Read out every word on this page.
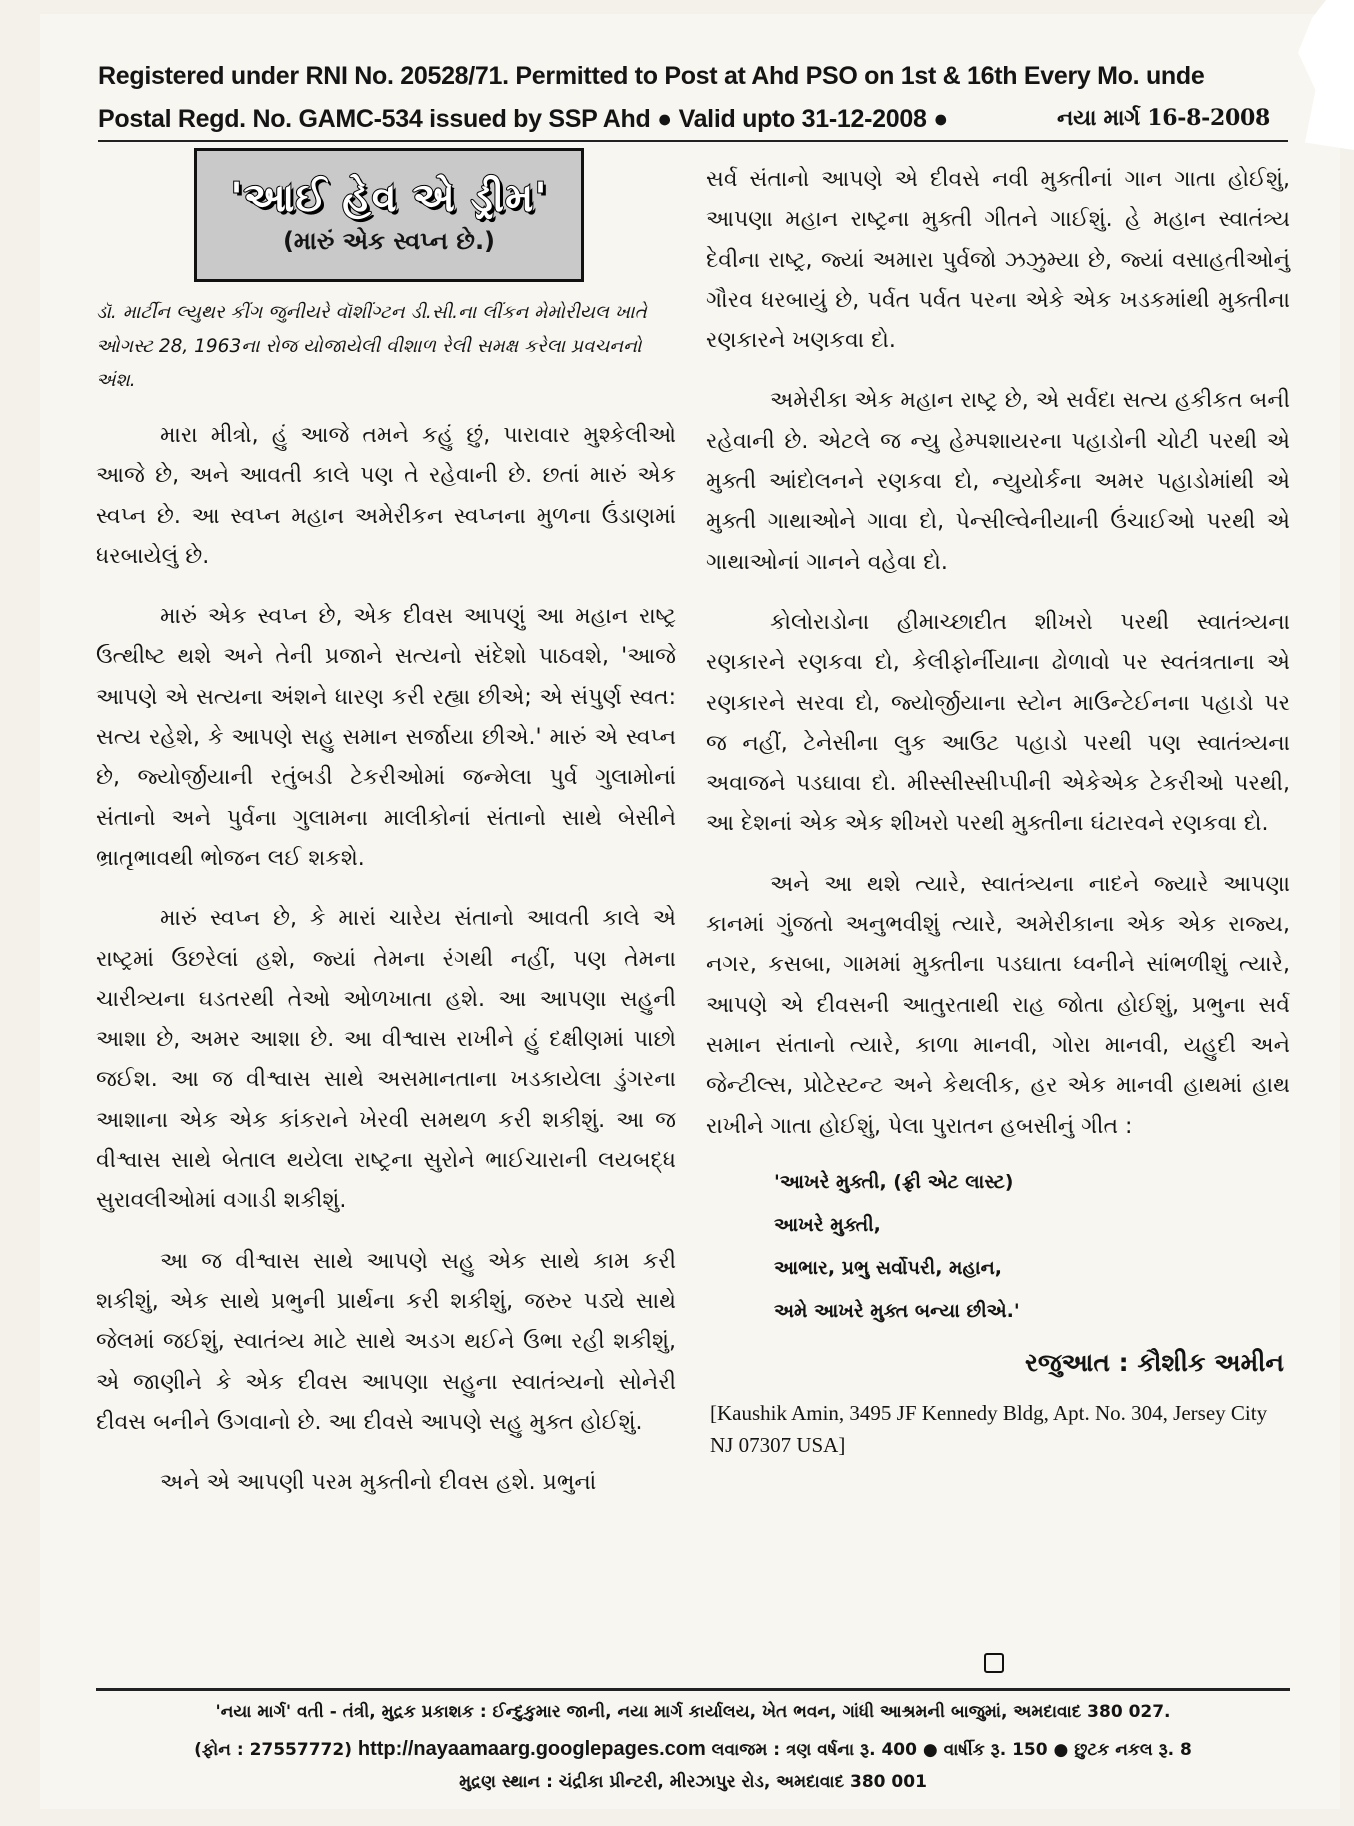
Registered under RNI No. 20528/71. Permitted to Post at Ahd PSO on 1st & 16th Every Mo. unde
Postal Regd. No. GAMC-534 issued by SSP Ahd ● Valid upto 31-12-2008 ●	નયા માર્ગ 16-8-2008
'આઈ હેવ એ ડ્રીમ'
(મારું એક સ્વપ્ન છે.)

ડૉ. માર્ટીન લ્યુથર કીંગ જુનીયરે વૉશીંગ્ટન ડી.સી.ના લીંકન મેમોરીયલ ખાતે ઓગસ્ટ 28, 1963ના રોજ યોજાયેલી વીશાળ રેલી સમક્ષ કરેલા પ્રવચનનો અંશ.

મારા મીત્રો, હું આજે તમને કહું છું, પારાવાર મુશ્કેલીઓ આજે છે, અને આવતી કાલે પણ તે રહેવાની છે. છતાં મારું એક સ્વપ્ન છે. આ સ્વપ્ન મહાન અમેરીકન સ્વપ્નના મુળના ઉંડાણમાં ધરબાયેલું છે.

મારું એક સ્વપ્ન છે, એક દીવસ આપણું આ મહાન રાષ્ટ્ર ઉત્થીષ્ટ થશે અને તેની પ્રજાને સત્યનો સંદેશો પાઠવશે, 'આજે આપણે એ સત્યના અંશને ધારણ કરી રહ્યા છીએ; એ સંપુર્ણ સ્વત: સત્ય રહેશે, કે આપણે સહુ સમાન સર્જાયા છીએ.' મારું એ સ્વપ્ન છે, જ્યોર્જીયાની રતુંબડી ટેકરીઓમાં જન્મેલા પુર્વ ગુલામોનાં સંતાનો અને પુર્વના ગુલામના માલીકોનાં સંતાનો સાથે બેસીને ભ્રાતૃભાવથી ભોજન લઈ શકશે.

મારું સ્વપ્ન છે, કે મારાં ચારેય સંતાનો આવતી કાલે એ રાષ્ટ્રમાં ઉછરેલાં હશે, જ્યાં તેમના રંગથી નહીં, પણ તેમના ચારીત્ર્યના ઘડતરથી તેઓ ઓળખાતા હશે. આ આપણા સહુની આશા છે, અમર આશા છે. આ વીશ્વાસ રાખીને હું દક્ષીણમાં પાછો જઈશ. આ જ વીશ્વાસ સાથે અસમાનતાના ખડકાયેલા ડુંગરના આશાના એક એક કાંકરાને ખેરવી સમથળ કરી શકીશું. આ જ વીશ્વાસ સાથે બેતાલ થયેલા રાષ્ટ્રના સુરોને ભાઈચારાની લયબદ્ધ સુરાવલીઓમાં વગાડી શકીશું.

આ જ વીશ્વાસ સાથે આપણે સહુ એક સાથે કામ કરી શકીશું, એક સાથે પ્રભુની પ્રાર્થના કરી શકીશું, જરુર પડ્યે સાથે જેલમાં જઈશું, સ્વાતંત્ર્ય માટે સાથે અડગ થઈને ઉભા રહી શકીશું, એ જાણીને કે એક દીવસ આપણા સહુના સ્વાતંત્ર્યનો સોનેરી દીવસ બનીને ઉગવાનો છે. આ દીવસે આપણે સહુ મુક્ત હોઈશું.

અને એ આપણી પરમ મુક્તીનો દીવસ હશે. પ્રભુનાં

સર્વ સંતાનો આપણે એ દીવસે નવી મુક્તીનાં ગાન ગાતા હોઈશું, આપણા મહાન રાષ્ટ્રના મુક્તી ગીતને ગાઈશું. હે મહાન સ્વાતંત્ર્ય દેવીના રાષ્ટ્ર, જ્યાં અમારા પુર્વજો ઝઝુમ્યા છે, જ્યાં વસાહતીઓનું ગૌરવ ધરબાયું છે, પર્વત પર્વત પરના એકે એક ખડકમાંથી મુક્તીના રણકારને ખણકવા દો.

અમેરીકા એક મહાન રાષ્ટ્ર છે, એ સર્વદા સત્ય હકીકત બની રહેવાની છે. એટલે જ ન્યુ હેમ્પશાયરના પહાડોની ચોટી પરથી એ મુક્તી આંદોલનને રણકવા દો, ન્યુયોર્કના અમર પહાડોમાંથી એ મુક્તી ગાથાઓને ગાવા દો, પેન્સીલ્વેનીયાની ઉંચાઈઓ પરથી એ ગાથાઓનાં ગાનને વહેવા દો.

કોલોરાડોના હીમાચ્છાદીત શીખરો પરથી સ્વાતંત્ર્યના રણકારને રણકવા દો, કેલીફોર્નીયાના ઢોળાવો પર સ્વતંત્રતાના એ રણકારને સરવા દો, જ્યોર્જીયાના સ્ટોન માઉન્ટેઈનના પહાડો પર જ નહીં, ટેનેસીના લુક આઉટ પહાડો પરથી પણ સ્વાતંત્ર્યના અવાજને પડઘાવા દો. મીસ્સીસ્સીપ્પીની એકેએક ટેકરીઓ પરથી, આ દેશનાં એક એક શીખરો પરથી મુક્તીના ઘંટારવને રણકવા દો.

અને આ થશે ત્યારે, સ્વાતંત્ર્યના નાદને જ્યારે આપણા કાનમાં ગુંજતો અનુભવીશું ત્યારે, અમેરીકાના એક એક રાજ્ય, નગર, કસબા, ગામમાં મુક્તીના પડઘાતા ધ્વનીને સાંભળીશું ત્યારે, આપણે એ દીવસની આતુરતાથી રાહ જોતા હોઈશું, પ્રભુના સર્વ સમાન સંતાનો ત્યારે, કાળા માનવી, ગોરા માનવી, યહુદી અને જેન્ટીલ્સ, પ્રોટેસ્ટન્ટ અને કેથલીક, હર એક માનવી હાથમાં હાથ રાખીને ગાતા હોઈશું, પેલા પુરાતન હબસીનું ગીત :

'આખરે મુક્તી, (ફ્રી એટ લાસ્ટ)
આખરે મુક્તી,
આભાર, પ્રભુ સર્વોપરી, મહાન,
અમે આખરે મુક્ત બન્યા છીએ.'
રજુઆત : કૌશીક અમીન
[Kaushik Amin, 3495 JF Kennedy Bldg, Apt. No. 304, Jersey City NJ 07307 USA]
'નયા માર્ગ' વતી - તંત્રી, મુદ્રક પ્રકાશક : ઈન્દુકુમાર જાની, નયા માર્ગ કાર્યાલય, ખેત ભવન, ગાંધી આશ્રમની બાજુમાં, અમદાવાદ 380 027.
(ફોન : 27557772) http://nayaamaarg.googlepages.com લવાજમ : ત્રણ વર્ષના રૂ. 400 ● વાર્ષીક રૂ. 150 ● છુટક નકલ રૂ. 8
મુદ્રણ સ્થાન : ચંદ્રીકા પ્રીન્ટરી, મીરઝાપુર રોડ, અમદાવાદ 380 001
